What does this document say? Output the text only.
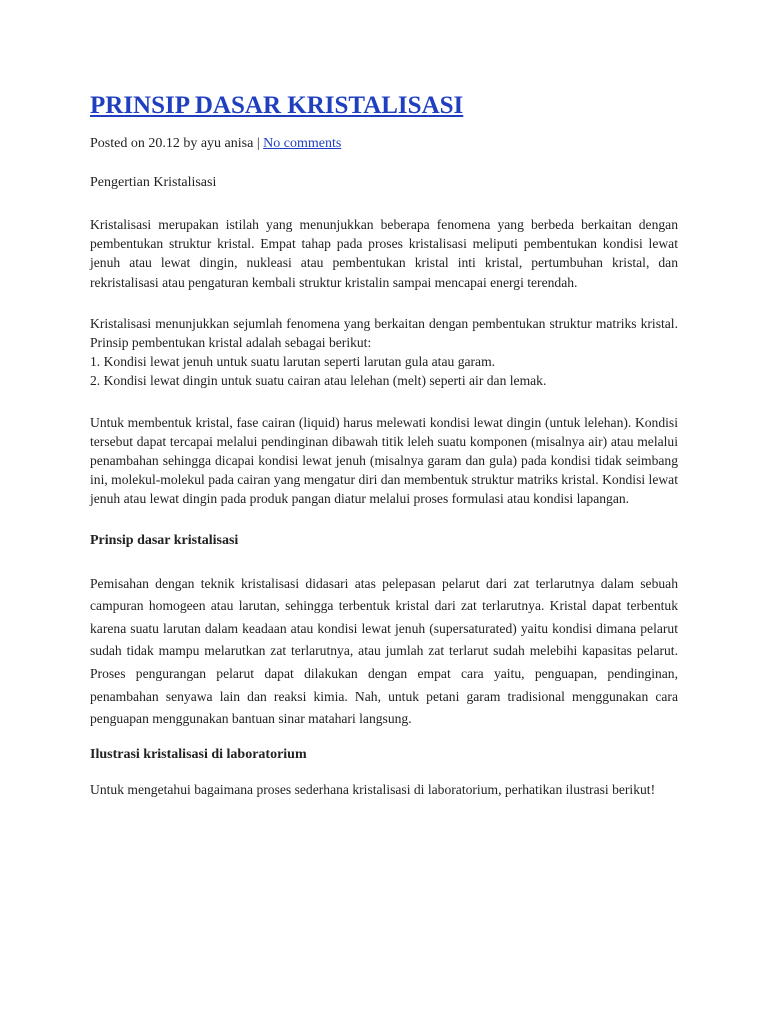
PRINSIP DASAR KRISTALISASI
Posted on 20.12 by ayu anisa | No comments

Pengertian Kristalisasi

Kristalisasi merupakan istilah yang menunjukkan beberapa fenomena yang berbeda berkaitan dengan pembentukan struktur kristal. Empat tahap pada proses kristalisasi meliputi pembentukan kondisi lewat jenuh atau lewat dingin, nukleasi atau pembentukan kristal inti kristal, pertumbuhan kristal, dan rekristalisasi atau pengaturan kembali struktur kristalin sampai mencapai energi terendah.

Kristalisasi menunjukkan sejumlah fenomena yang berkaitan dengan pembentukan struktur matriks kristal. Prinsip pembentukan kristal adalah sebagai berikut:

1. Kondisi lewat jenuh untuk suatu larutan seperti larutan gula atau garam.

2. Kondisi lewat dingin untuk suatu cairan atau lelehan (melt) seperti air dan lemak.

Untuk membentuk kristal, fase cairan (liquid) harus melewati kondisi lewat dingin (untuk lelehan). Kondisi tersebut dapat tercapai melalui pendinginan dibawah titik leleh suatu komponen (misalnya air) atau melalui penambahan sehingga dicapai kondisi lewat jenuh (misalnya garam dan gula) pada kondisi tidak seimbang ini, molekul-molekul pada cairan yang mengatur diri dan membentuk struktur matriks kristal. Kondisi lewat jenuh atau lewat dingin pada produk pangan diatur melalui proses formulasi atau kondisi lapangan.

Prinsip dasar kristalisasi

Pemisahan dengan teknik kristalisasi didasari atas pelepasan pelarut dari zat terlarutnya dalam sebuah campuran homogeen atau larutan, sehingga terbentuk kristal dari zat terlarutnya. Kristal dapat terbentuk karena suatu larutan dalam keadaan atau kondisi lewat jenuh (supersaturated) yaitu kondisi dimana pelarut sudah tidak mampu melarutkan zat terlarutnya, atau jumlah zat terlarut sudah melebihi kapasitas pelarut. Proses pengurangan pelarut dapat dilakukan dengan empat cara yaitu, penguapan, pendinginan, penambahan senyawa lain dan reaksi kimia. Nah, untuk petani garam tradisional menggunakan cara penguapan menggunakan bantuan sinar matahari langsung.

Ilustrasi kristalisasi di laboratorium

Untuk mengetahui bagaimana proses sederhana kristalisasi di laboratorium, perhatikan ilustrasi berikut!
